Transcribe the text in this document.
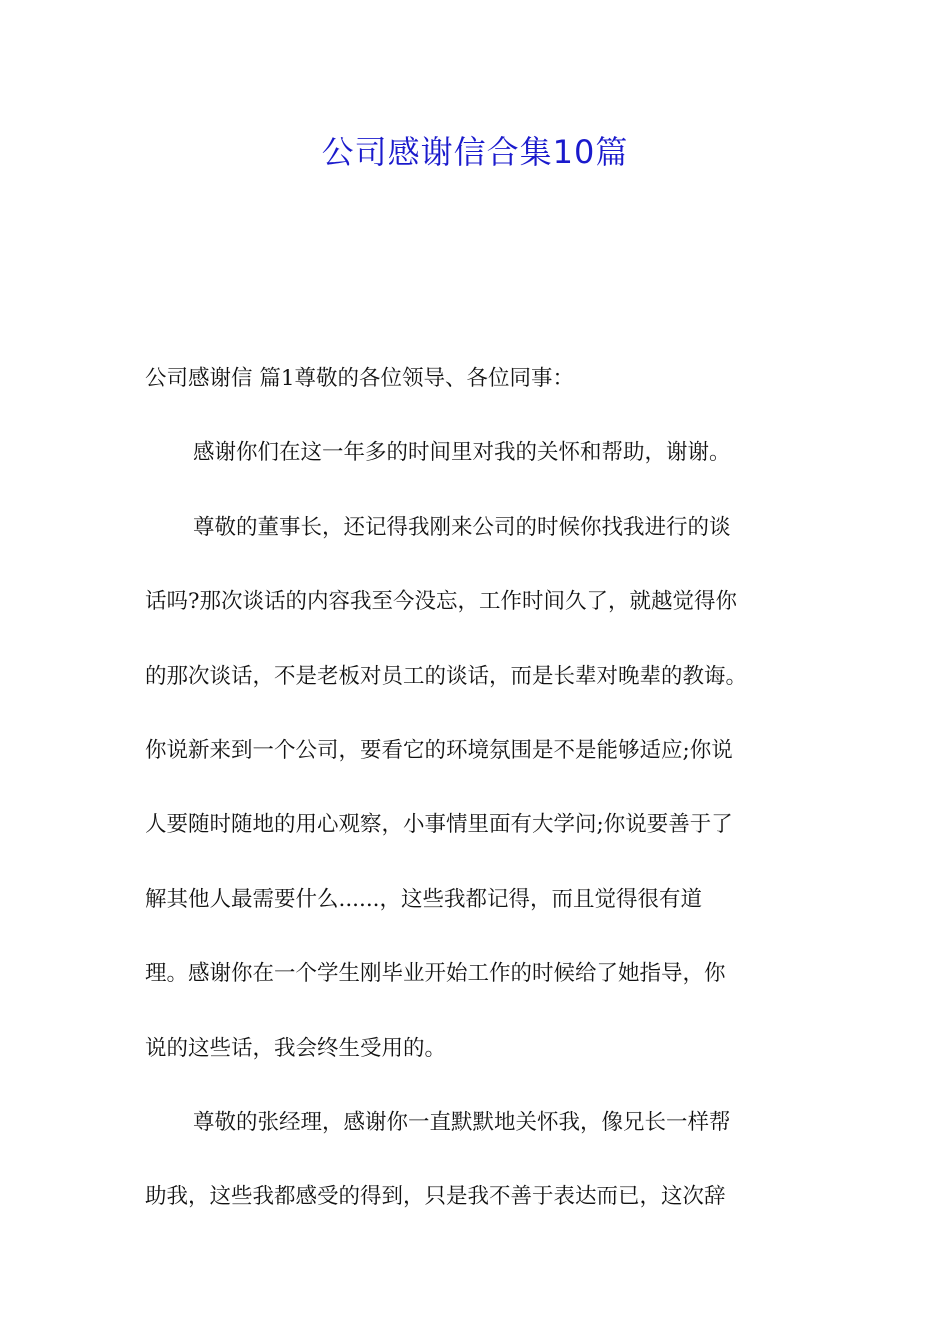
公司感谢信合集10篇
公司感谢信 篇1尊敬的各位领导、各位同事：
感谢你们在这一年多的时间里对我的关怀和帮助，谢谢。
尊敬的董事长，还记得我刚来公司的时候你找我进行的谈
话吗?那次谈话的内容我至今没忘，工作时间久了，就越觉得你
的那次谈话，不是老板对员工的谈话，而是长辈对晚辈的教诲。
你说新来到一个公司，要看它的环境氛围是不是能够适应;你说
人要随时随地的用心观察，小事情里面有大学问;你说要善于了
解其他人最需要什么......，这些我都记得，而且觉得很有道
理。感谢你在一个学生刚毕业开始工作的时候给了她指导，你
说的这些话，我会终生受用的。
尊敬的张经理，感谢你一直默默地关怀我，像兄长一样帮
助我，这些我都感受的得到，只是我不善于表达而已，这次辞
